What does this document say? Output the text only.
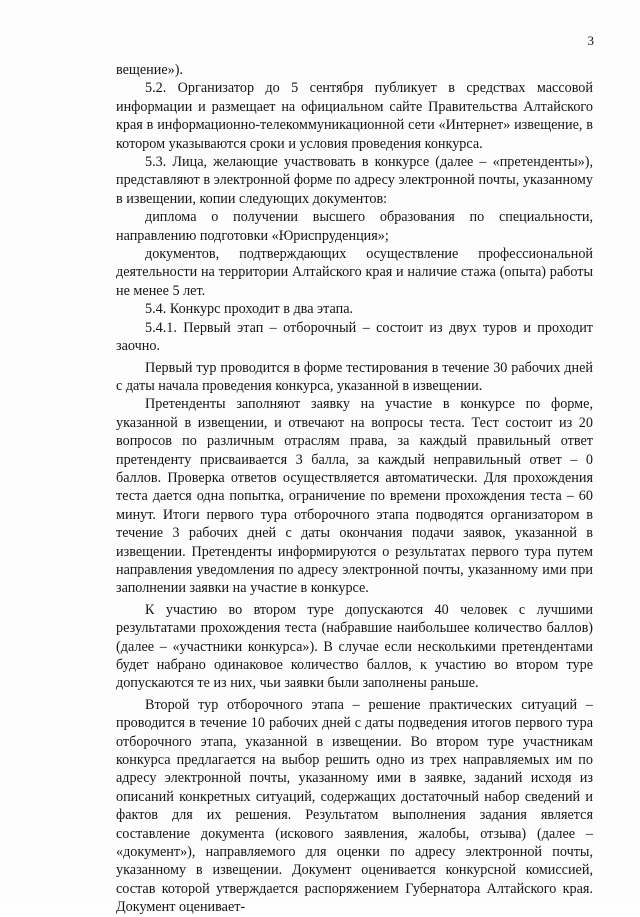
3

вещение»).

5.2. Организатор до 5 сентября публикует в средствах массовой информации и размещает на официальном сайте Правительства Алтайского края в информационно-телекоммуникационной сети «Интернет» извещение, в котором указываются сроки и условия проведения конкурса.

5.3. Лица, желающие участвовать в конкурсе (далее – «претенденты»), представляют в электронной форме по адресу электронной почты, указанному в извещении, копии следующих документов:

диплома о получении высшего образования по специальности, направлению подготовки «Юриспруденция»;

документов, подтверждающих осуществление профессиональной деятельности на территории Алтайского края и наличие стажа (опыта) работы не менее 5 лет.

5.4. Конкурс проходит в два этапа.

5.4.1. Первый этап – отборочный – состоит из двух туров и проходит заочно.

Первый тур проводится в форме тестирования в течение 30 рабочих дней с даты начала проведения конкурса, указанной в извещении.

Претенденты заполняют заявку на участие в конкурсе по форме, указанной в извещении, и отвечают на вопросы теста. Тест состоит из 20 вопросов по различным отраслям права, за каждый правильный ответ претенденту присваивается 3 балла, за каждый неправильный ответ – 0 баллов. Проверка ответов осуществляется автоматически. Для прохождения теста дается одна попытка, ограничение по времени прохождения теста – 60 минут. Итоги первого тура отборочного этапа подводятся организатором в течение 3 рабочих дней с даты окончания подачи заявок, указанной в извещении. Претенденты информируются о результатах первого тура путем направления уведомления по адресу электронной почты, указанному ими при заполнении заявки на участие в конкурсе.

К участию во втором туре допускаются 40 человек с лучшими результатами прохождения теста (набравшие наибольшее количество баллов) (далее – «участники конкурса»). В случае если несколькими претендентами будет набрано одинаковое количество баллов, к участию во втором туре допускаются те из них, чьи заявки были заполнены раньше.

Второй тур отборочного этапа – решение практических ситуаций – проводится в течение 10 рабочих дней с даты подведения итогов первого тура отборочного этапа, указанной в извещении. Во втором туре участникам конкурса предлагается на выбор решить одно из трех направляемых им по адресу электронной почты, указанному ими в заявке, заданий исходя из описаний конкретных ситуаций, содержащих достаточный набор сведений и фактов для их решения. Результатом выполнения задания является составление документа (искового заявления, жалобы, отзыва) (далее – «документ»), направляемого для оценки по адресу электронной почты, указанному в извещении. Документ оценивается конкурсной комиссией, состав которой утверждается распоряжением Губернатора Алтайского края. Документ оценивает-
